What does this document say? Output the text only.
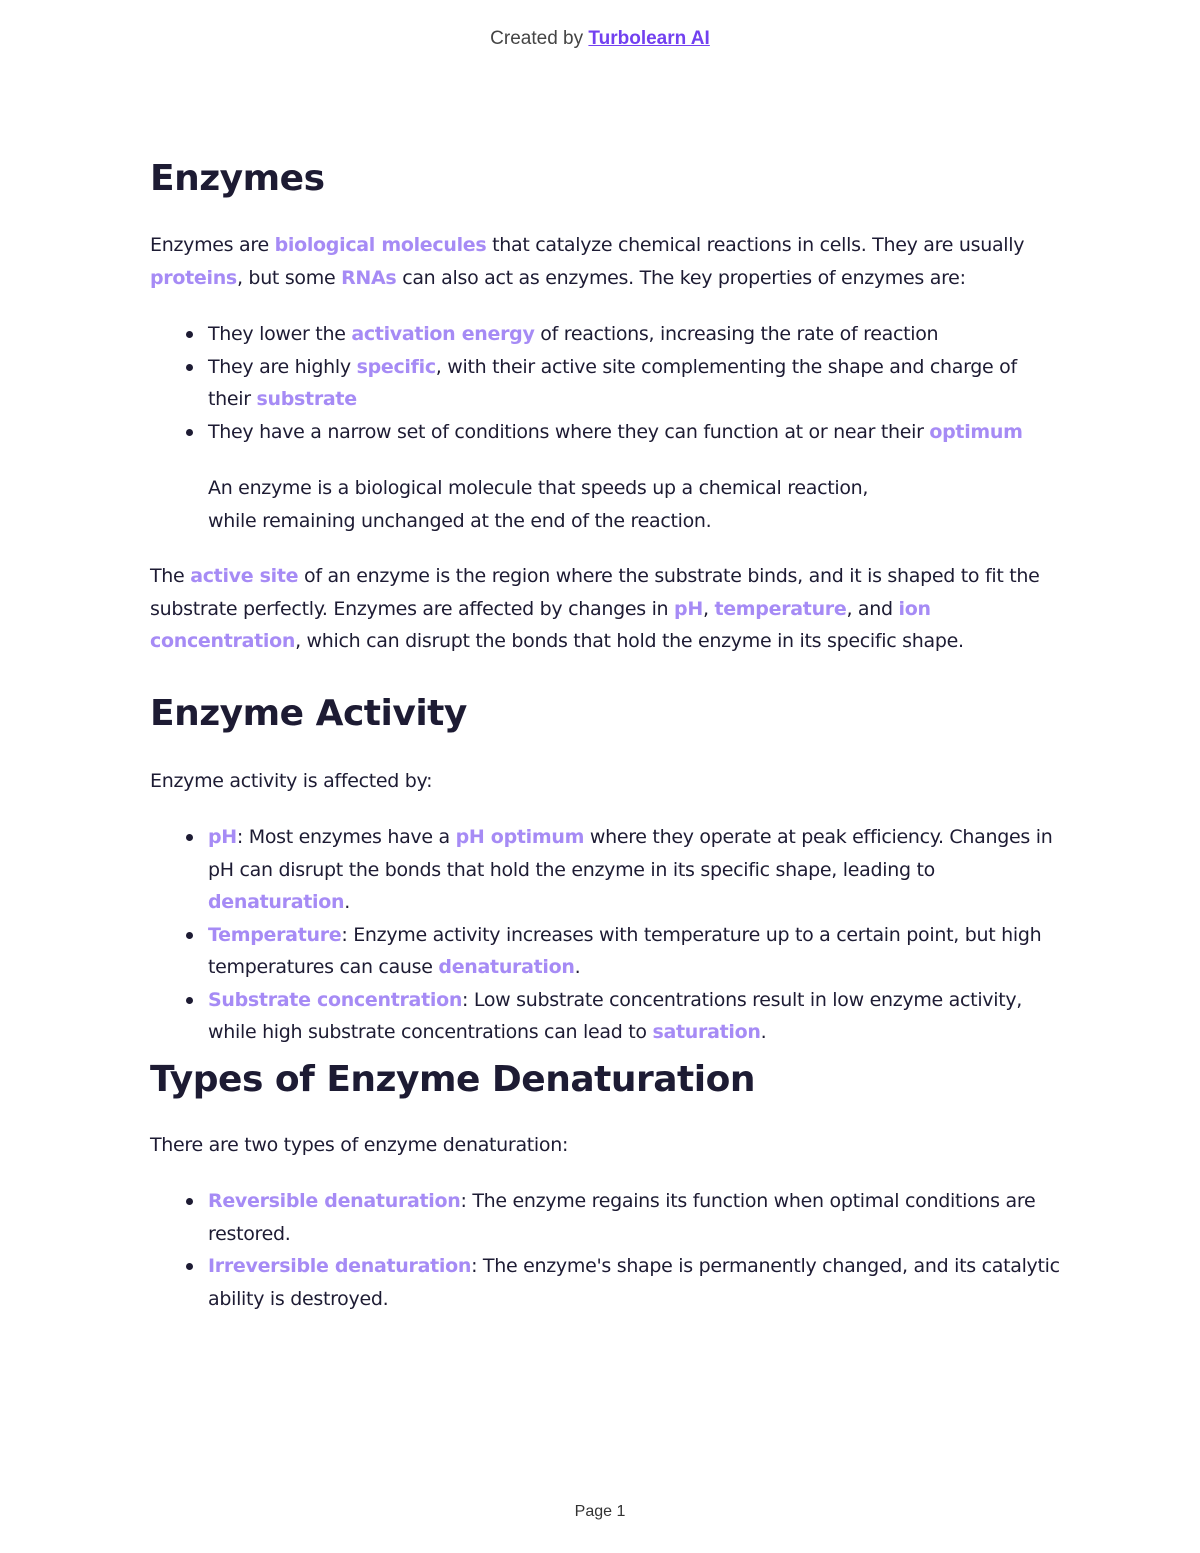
Created by Turbolearn AI
Enzymes

Enzymes are biological molecules that catalyze chemical reactions in cells. They are usually proteins, but some RNAs can also act as enzymes. The key properties of enzymes are:

They lower the activation energy of reactions, increasing the rate of reaction
They are highly specific, with their active site complementing the shape and charge of their substrate
They have a narrow set of conditions where they can function at or near their optimum
An enzyme is a biological molecule that speeds up a chemical reaction,
while remaining unchanged at the end of the reaction.

The active site of an enzyme is the region where the substrate binds, and it is shaped to fit the substrate perfectly. Enzymes are affected by changes in pH, temperature, and ion concentration, which can disrupt the bonds that hold the enzyme in its specific shape.

Enzyme Activity

Enzyme activity is affected by:

pH: Most enzymes have a pH optimum where they operate at peak efficiency. Changes in pH can disrupt the bonds that hold the enzyme in its specific shape, leading to denaturation.
Temperature: Enzyme activity increases with temperature up to a certain point, but high temperatures can cause denaturation.
Substrate concentration: Low substrate concentrations result in low enzyme activity, while high substrate concentrations can lead to saturation.
Types of Enzyme Denaturation

There are two types of enzyme denaturation:

Reversible denaturation: The enzyme regains its function when optimal conditions are restored.
Irreversible denaturation: The enzyme's shape is permanently changed, and its catalytic ability is destroyed.
Page 1
